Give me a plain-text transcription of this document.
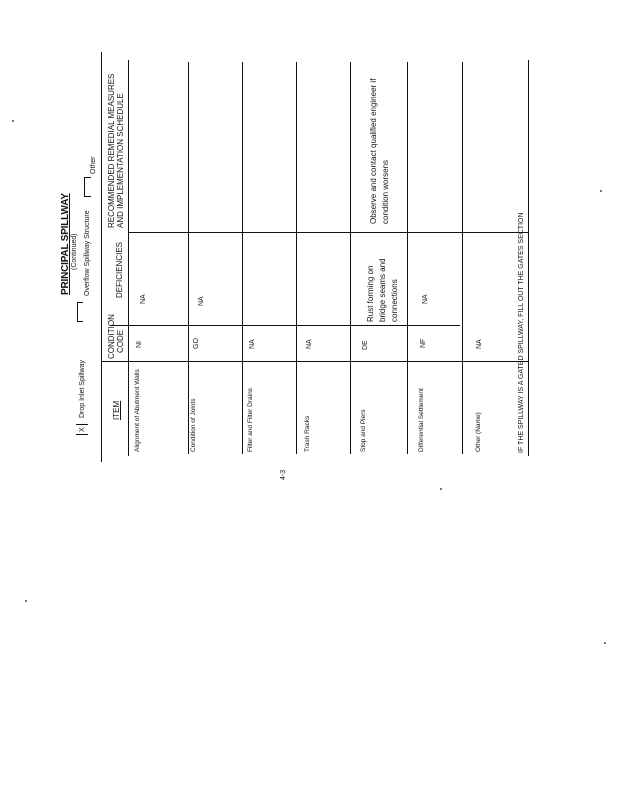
PRINCIPAL SPILLWAY (Continued) Overflow Spillway Structure
Other
X
Drop Inlet Spillway	ITEM
CONDITION CODE
DEFICIENCIES
RECOMMENDED REMEDIAL MEASURES AND IMPLEMENTATION SCHEDULE
Alignment of Abutment Walls
NI
NA
Condition of Joints
GO
NA
Filter and Filter Drains
NA
Trash Racks
NA
Stop and Piers
DE
Rust forming on bridge seams and connections
Observe and contact qualified engineer if condition worsens
Differential Settlement
NF
NA
Other (Name)
NA	IF THE SPILLWAY IS A GATED SPILLWAY, FILL OUT THE GATES SECTION
4-3
